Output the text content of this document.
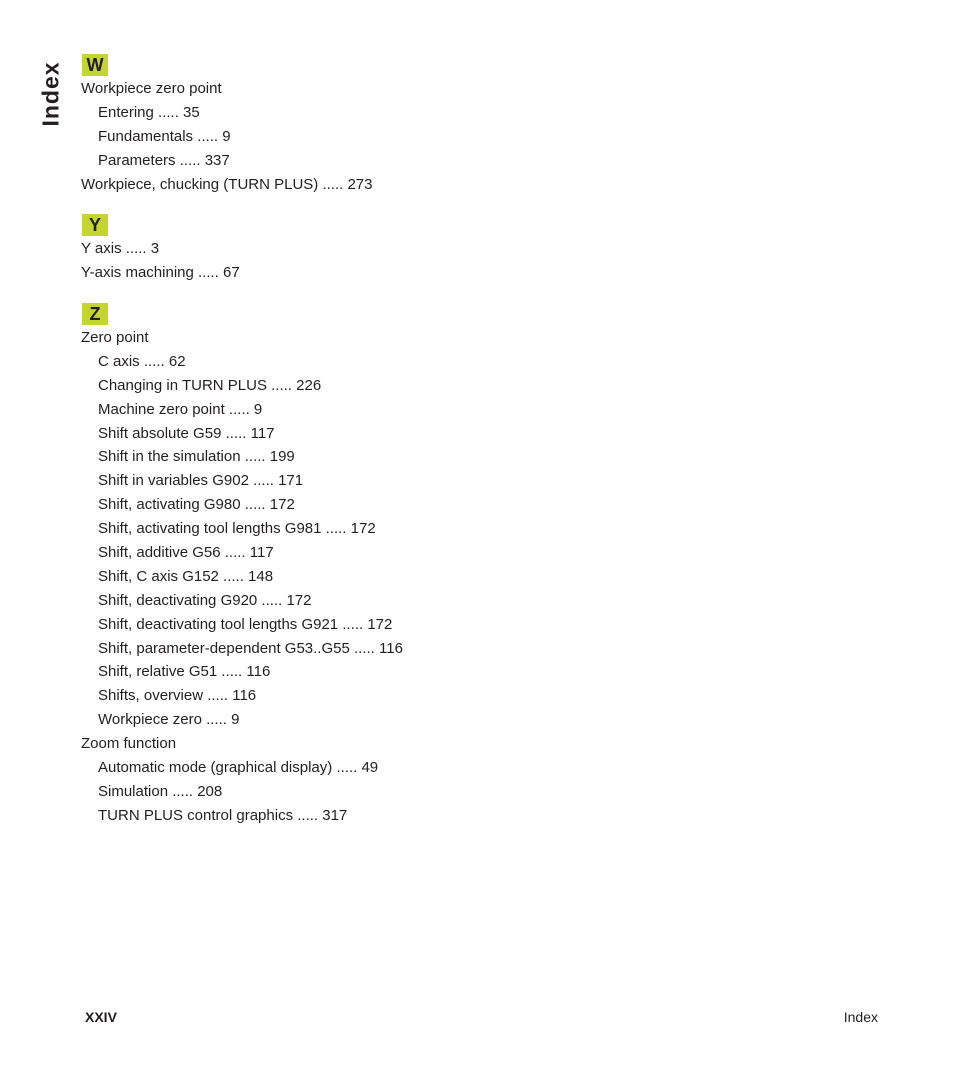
Index	W
Workpiece zero point
Entering ..... 35
Fundamentals ..... 9
Parameters ..... 337
Workpiece, chucking (TURN PLUS) ..... 273
Y
Y axis ..... 3
Y-axis machining ..... 67
Z
Zero point
C axis ..... 62
Changing in TURN PLUS ..... 226
Machine zero point ..... 9
Shift absolute G59 ..... 117
Shift in the simulation ..... 199
Shift in variables G902 ..... 171
Shift, activating G980 ..... 172
Shift, activating tool lengths G981 ..... 172
Shift, additive G56 ..... 117
Shift, C axis G152 ..... 148
Shift, deactivating G920 ..... 172
Shift, deactivating tool lengths G921 ..... 172
Shift, parameter-dependent G53..G55 ..... 116
Shift, relative G51 ..... 116
Shifts, overview ..... 116
Workpiece zero ..... 9
Zoom function
Automatic mode (graphical display) ..... 49
Simulation ..... 208
TURN PLUS control graphics ..... 317
XXIV	Index
